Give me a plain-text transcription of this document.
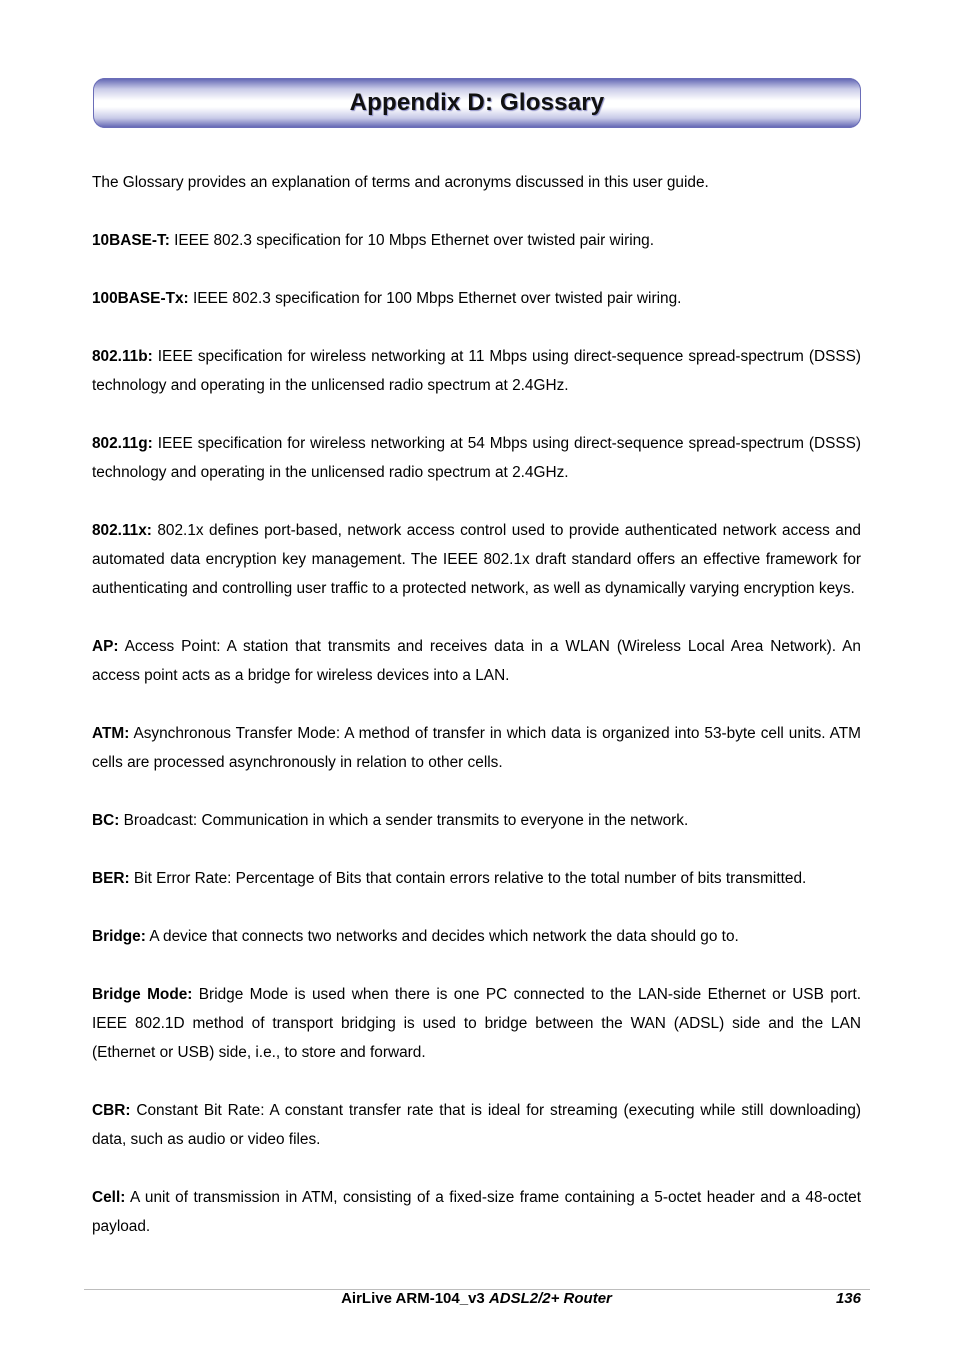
Appendix D: Glossary

The Glossary provides an explanation of terms and acronyms discussed in this user guide.

10BASE-T: IEEE 802.3 specification for 10 Mbps Ethernet over twisted pair wiring.

100BASE-Tx: IEEE 802.3 specification for 100 Mbps Ethernet over twisted pair wiring.

802.11b: IEEE specification for wireless networking at 11 Mbps using direct-sequence spread-spectrum (DSSS) technology and operating in the unlicensed radio spectrum at 2.4GHz.

802.11g: IEEE specification for wireless networking at 54 Mbps using direct-sequence spread-spectrum (DSSS) technology and operating in the unlicensed radio spectrum at 2.4GHz.

802.11x: 802.1x defines port-based, network access control used to provide authenticated network access and automated data encryption key management. The IEEE 802.1x draft standard offers an effective framework for authenticating and controlling user traffic to a protected network, as well as dynamically varying encryption keys.

AP: Access Point: A station that transmits and receives data in a WLAN (Wireless Local Area Network). An access point acts as a bridge for wireless devices into a LAN.

ATM: Asynchronous Transfer Mode: A method of transfer in which data is organized into 53-byte cell units. ATM cells are processed asynchronously in relation to other cells.

BC: Broadcast: Communication in which a sender transmits to everyone in the network.

BER: Bit Error Rate: Percentage of Bits that contain errors relative to the total number of bits transmitted.

Bridge: A device that connects two networks and decides which network the data should go to.

Bridge Mode: Bridge Mode is used when there is one PC connected to the LAN-side Ethernet or USB port. IEEE 802.1D method of transport bridging is used to bridge between the WAN (ADSL) side and the LAN (Ethernet or USB) side, i.e., to store and forward.

CBR: Constant Bit Rate: A constant transfer rate that is ideal for streaming (executing while still downloading) data, such as audio or video files.

Cell: A unit of transmission in ATM, consisting of a fixed-size frame containing a 5-octet header and a 48-octet payload.

AirLive ARM-104_v3 ADSL2/2+ Router	136
